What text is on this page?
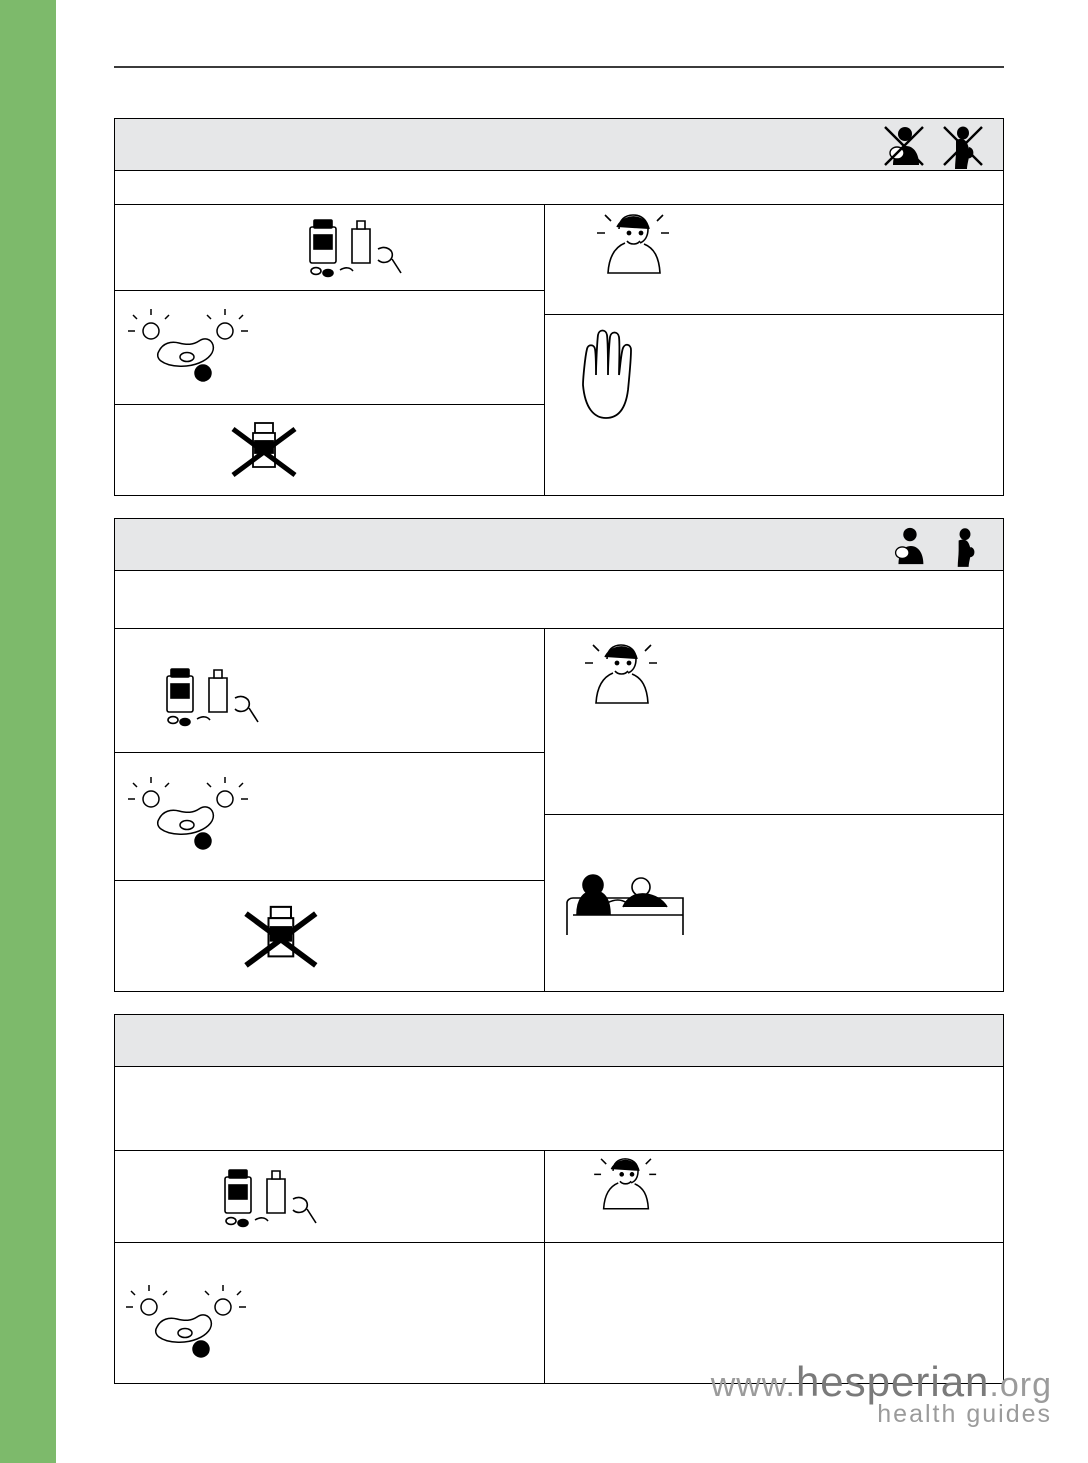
www.hesperian.org
health guides
